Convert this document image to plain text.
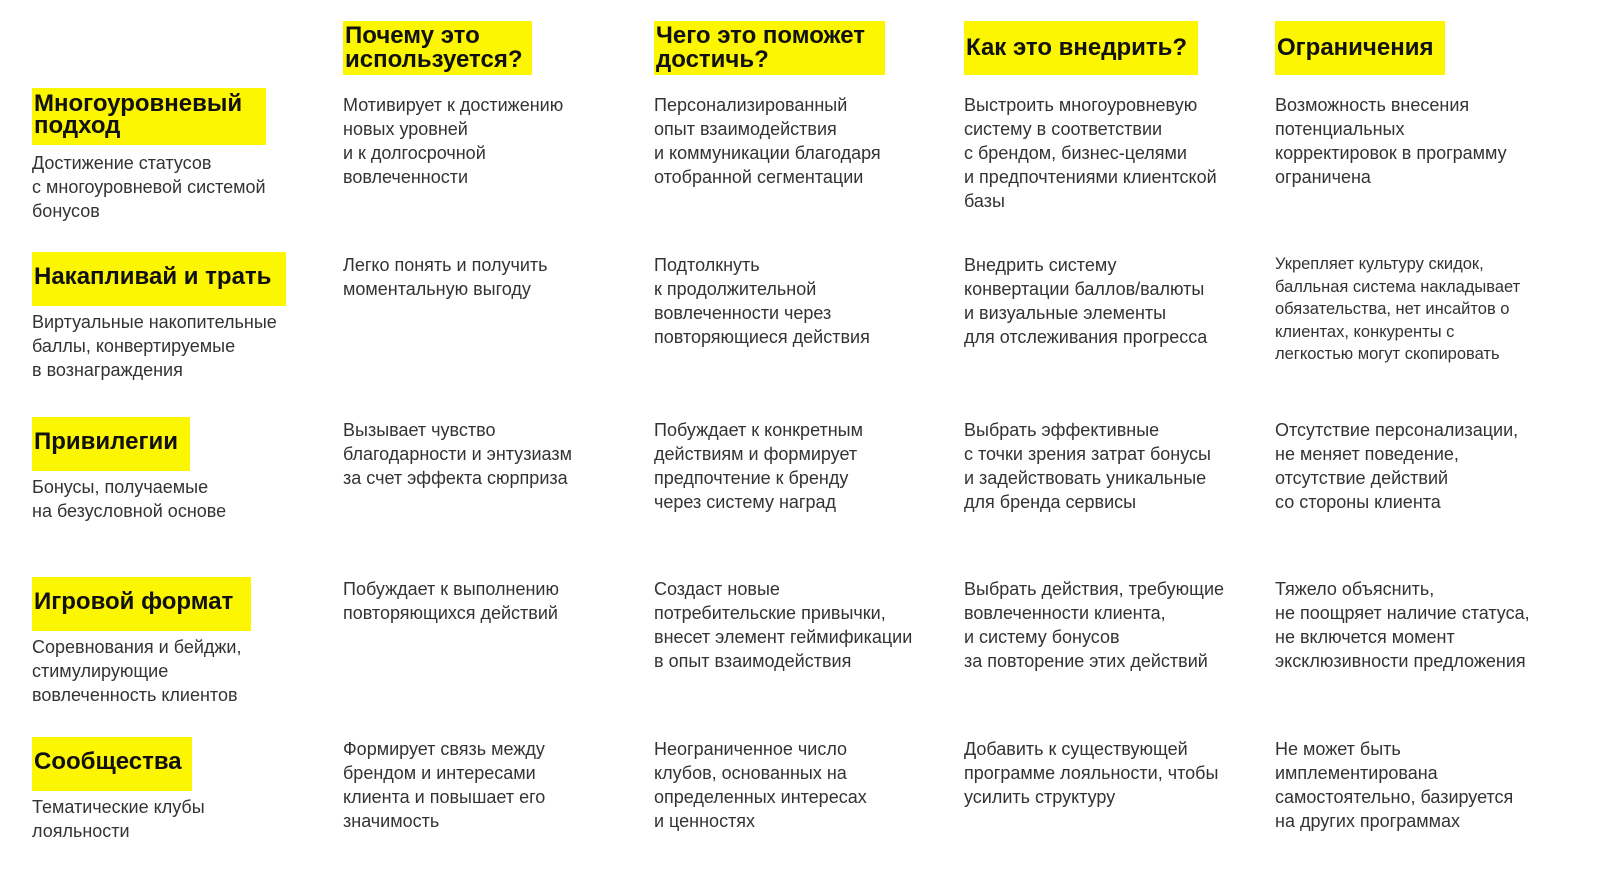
Почему это
используется?
Чего это поможет
достичь?	Как это внедрить?	Ограничения
Многоуровневый
подход
Достижение статусов
с многоуровневой системой
бонусов
Мотивирует к достижению
новых уровней
и к долгосрочной
вовлеченности
Персонализированный
опыт взаимодействия
и коммуникации благодаря
отобранной сегментации
Выстроить многоуровневую
систему в соответствии
с брендом, бизнес-целями
и предпочтениями клиентской
базы
Возможность внесения
потенциальных
корректировок в программу
ограничена
Накапливай и трать
Виртуальные накопительные
баллы, конвертируемые
в вознаграждения
Легко понять и получить
моментальную выгоду
Подтолкнуть
к продолжительной
вовлеченности через
повторяющиеся действия
Внедрить систему
конвертации баллов/валюты
и визуальные элементы
для отслеживания прогресса
Укрепляет культуру скидок,
балльная система накладывает
обязательства, нет инсайтов о
клиентах, конкуренты с
легкостью могут скопировать
Привилегии
Бонусы, получаемые
на безусловной основе
Вызывает чувство
благодарности и энтузиазм
за счет эффекта сюрприза
Побуждает к конкретным
действиям и формирует
предпочтение к бренду
через систему наград
Выбрать эффективные
с точки зрения затрат бонусы
и задействовать уникальные
для бренда сервисы
Отсутствие персонализации,
не меняет поведение,
отсутствие действий
со стороны клиента
Игровой формат
Соревнования и бейджи,
стимулирующие
вовлеченность клиентов
Побуждает к выполнению
повторяющихся действий
Создаст новые
потребительские привычки,
внесет элемент геймификации
в опыт взаимодействия
Выбрать действия, требующие
вовлеченности клиента,
и систему бонусов
за повторение этих действий
Тяжело объяснить,
не поощряет наличие статуса,
не включется момент
эксклюзивности предложения
Сообщества
Тематические клубы
лояльности
Формирует связь между
брендом и интересами
клиента и повышает его
значимость
Неограниченное число
клубов, основанных на
определенных интересах
и ценностях
Добавить к существующей
программе лояльности, чтобы
усилить структуру
Не может быть
имплементирована
самостоятельно, базируется
на других программах
